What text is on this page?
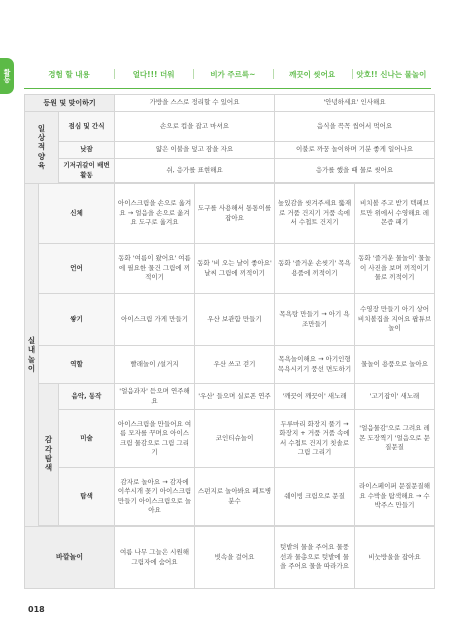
활동	경험 할 내용	얼다!!! 더워	비가 주르륵~	깨끗이 씻어요	앗호!! 신나는 물놀이
등원 및 맞이하기			가방을 스스로 정리할 수 있어요		'안녕하세요' 인사해요	
일상적양육		점심 및 간식	손으로 컵을 잡고 마셔요		음식을 꼭꼭 씹어서 먹어요	
		낮잠	얇은 이불을 덮고 잠을 자요		이불로 까꿍 놀이하며 기분 좋게 일어나요	
		기저귀갈이 배변활동	쉬, 응가를 표현해요		응가를 했을 때 물로 씻어요	

실내놀이	신체		아이스크림을 손으로 옮겨요 → 얼음을 손으로 옮겨요 도구로 옮겨요	도구를 사용해서 통통이를 잡아요	높있감을 씻겨주세요 뚫재로 거품 건지기 거품 속에서 수첩트 건지기	비치볼 주고 받기 텍페브트만 위에서 수영해요 레몬즙 패기
	언어		동화 '여름이 왔어요' 여름에 필요한 물건 그림에 끼적이기	동화 '비 오는 날이 좋아요' 날씨 그림에 끼적이기	동화 '즐거운 손씻기' 목욕용품에 끼적이기	동화 '즐거운 물놀이' 물놀이 사진을 보며 끼적이기 물로 끼적이기
	쌓기		아이스크림 가게 만들기	우산 보관함 만들기	목욕탕 만들기 → 아기 욕조만들기	수영장 만들기 아기 상어 비치볼집을 지어요 팝튜브 놀이
	역할		빨래놀이 /설거지	우산 쓰고 걷기	목욕놀이해요 → 아기인형 목욕시키기 풍선 면도하기	물놀이 용품으로 놀아요
	감각탐색	음악, 동작	'얼음과자' 듣으며 연주해요	'우산' 들으며 실로폰 연주	'깨끗이 깨끗이' 새노래	'고기잡이' 새노래
		미술	아이스크림을 만들어요 여름 모자를 꾸며요 아이스크림 물감으로 그림 그리기	코인티슈놀이	두루마리 화장지 풀기 → 화장지 + 거품 거품 속에서 수첩트 건지기 칫솔로 그림 그리기	'얼음물감'으로 그려요 레몬 도장찍기 '얼음으로 문질문질
		탐색	감자로 놀아요 → 감자에 이쑤시개 꽂기 아이스크림 만들기 아이스크림으로 놀아요	스펀지로 놀아봐요 페트병 분수	쉐이빙 크림으로 문질	라이스페이퍼 문질문질해요 수박을 탐색해요 → 수박주스 만들기

바깥놀이			여름 나무 그늘은 시원해 그림자에 숨어요	빗속을 걸어요	텃밭의 물을 주어요 물풍선과 물총으로 텃밭에 물을 주어요 물을 따라가요	비눗방울을 잡아요
018
